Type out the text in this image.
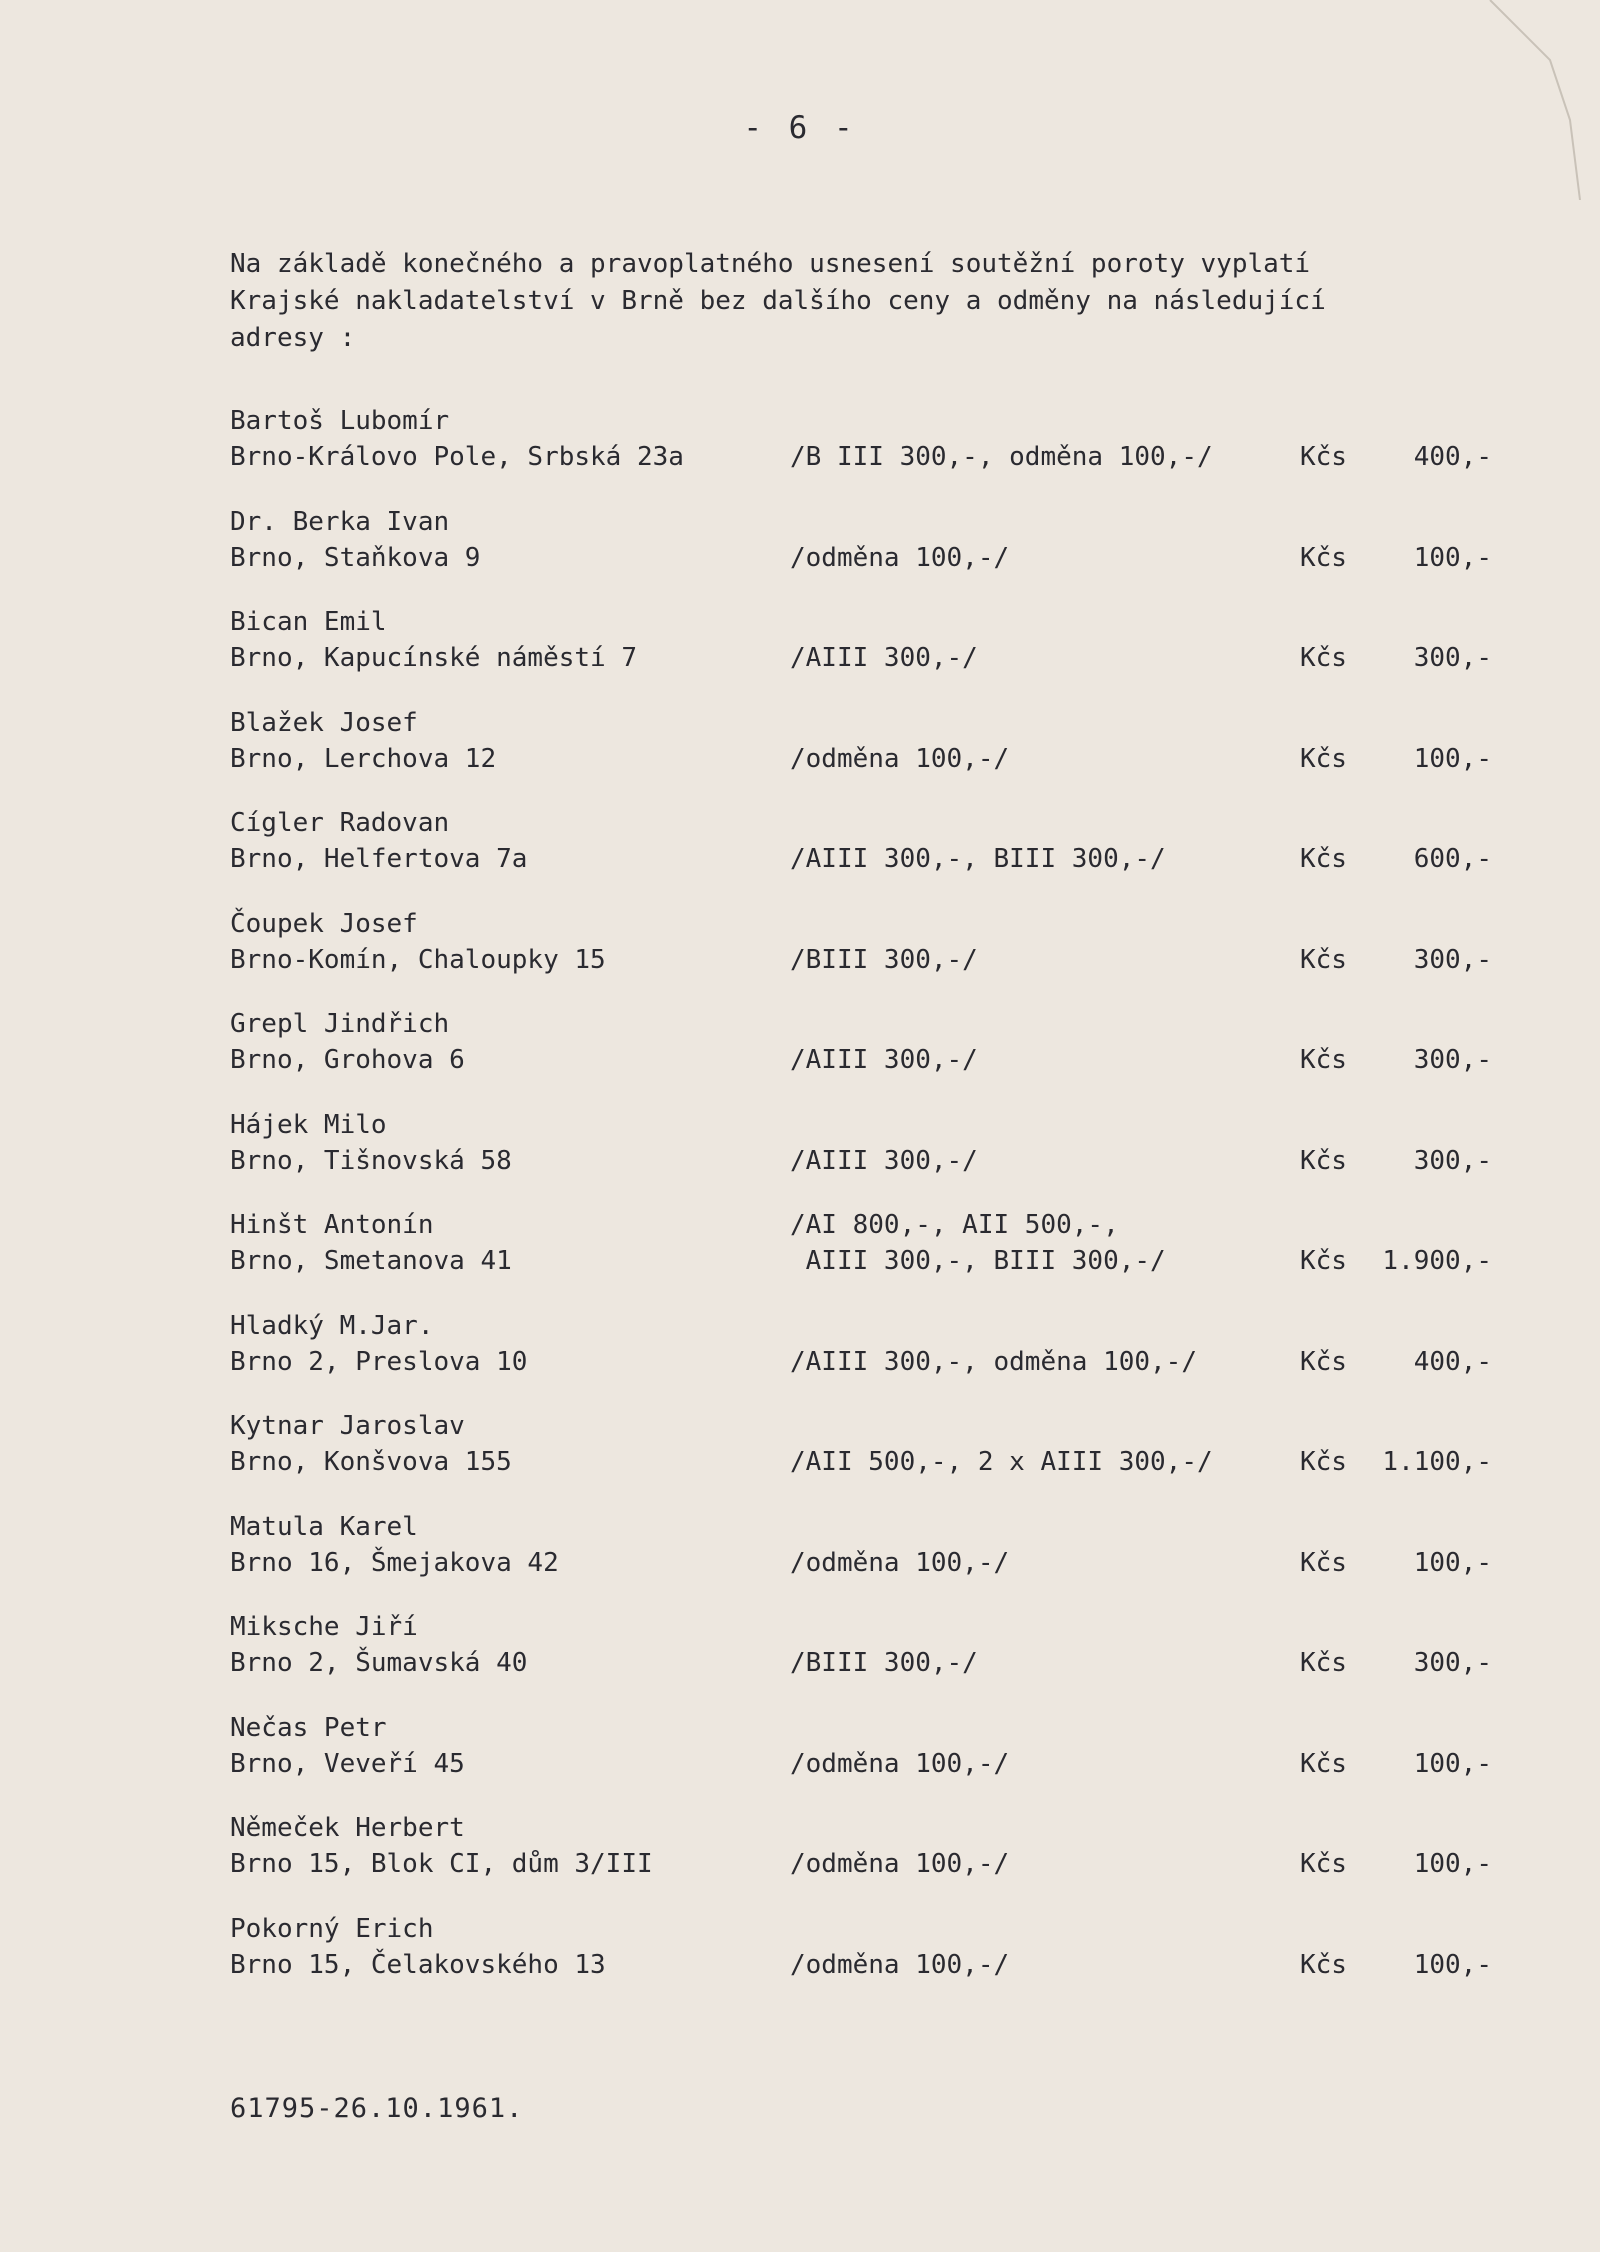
- 6 -
Na základě konečného a pravoplatného usnesení soutěžní poroty vyplatí
Krajské nakladatelství v Brně bez dalšího ceny a odměny na následující
adresy :
Bartoš Lubomír
Brno-Královo Pole, Srbská 23a	/B III 300,-, odměna 100,-/	Kčs	400,-
Dr. Berka Ivan
Brno, Staňkova 9	/odměna 100,-/	Kčs	100,-
Bican Emil
Brno, Kapucínské náměstí 7	/AIII 300,-/	Kčs	300,-
Blažek Josef
Brno, Lerchova 12	/odměna 100,-/	Kčs	100,-
Cígler Radovan
Brno, Helfertova 7a	/AIII 300,-, BIII 300,-/	Kčs	600,-
Čoupek Josef
Brno-Komín, Chaloupky 15	/BIII 300,-/	Kčs	300,-
Grepl Jindřich
Brno, Grohova 6	/AIII 300,-/	Kčs	300,-
Hájek Milo
Brno, Tišnovská 58	/AIII 300,-/	Kčs	300,-
Hinšt Antonín
Brno, Smetanova 41
/AI 800,-, AII 500,-,
AIII 300,-, BIII 300,-/	Kčs 1.900,-
Hladký M.Jar.
Brno 2, Preslova 10	/AIII 300,-, odměna 100,-/	Kčs	400,-
Kytnar Jaroslav
Brno, Konšvova 155	/AII 500,-, 2 x AIII 300,-/	Kčs 1.100,-
Matula Karel
Brno 16, Šmejakova 42	/odměna 100,-/	Kčs	100,-
Miksche Jiří
Brno 2, Šumavská 40	/BIII 300,-/	Kčs	300,-
Nečas Petr
Brno, Veveří 45	/odměna 100,-/	Kčs	100,-
Němeček Herbert
Brno 15, Blok CI, dům 3/III	/odměna 100,-/	Kčs	100,-
Pokorný Erich
Brno 15, Čelakovského 13	/odměna 100,-/	Kčs	100,-
61795-26.10.1961.
